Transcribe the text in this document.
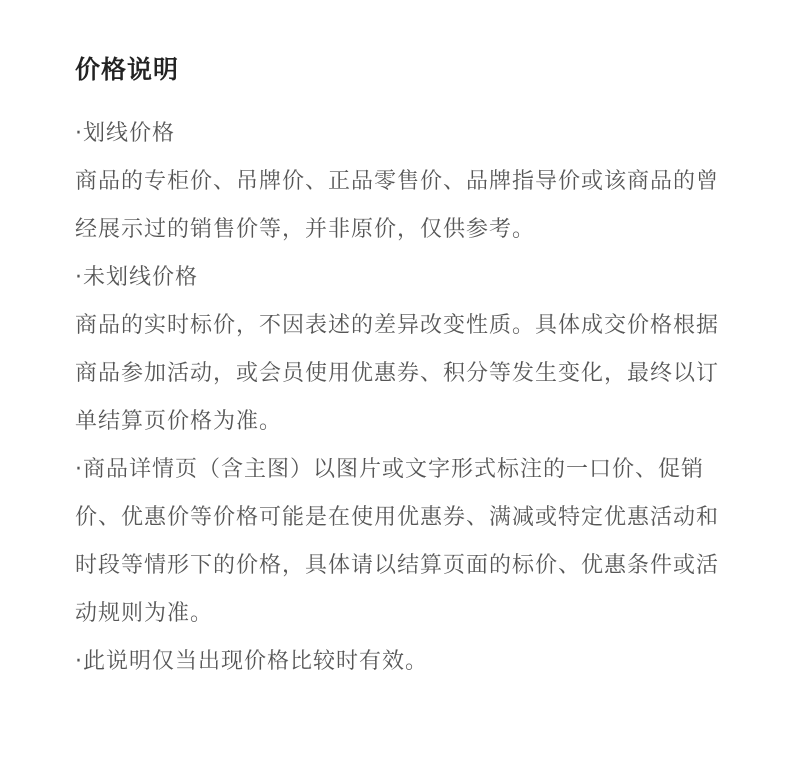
价格说明

·划线价格

商品的专柜价、吊牌价、正品零售价、品牌指导价或该商品的曾经展示过的销售价等，并非原价，仅供参考。

·未划线价格

商品的实时标价，不因表述的差异改变性质。具体成交价格根据商品参加活动，或会员使用优惠券、积分等发生变化，最终以订单结算页价格为准。

·商品详情页（含主图）以图片或文字形式标注的一口价、促销价、优惠价等价格可能是在使用优惠券、满减或特定优惠活动和时段等情形下的价格，具体请以结算页面的标价、优惠条件或活动规则为准。

·此说明仅当出现价格比较时有效。
